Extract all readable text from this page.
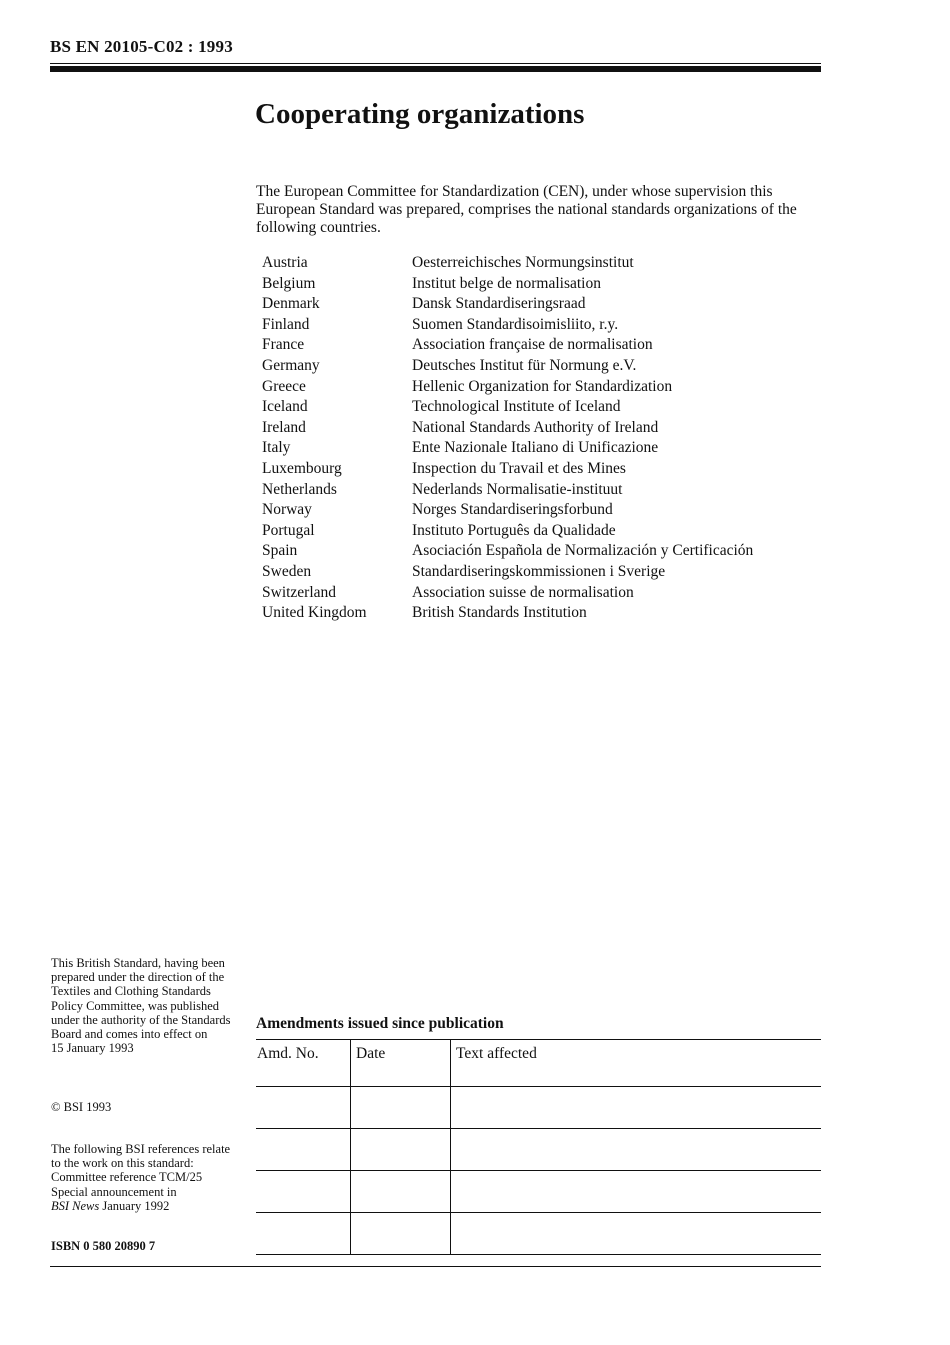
BS EN 20105-C02 : 1993
Cooperating organizations
The European Committee for Standardization (CEN), under whose supervision this European Standard was prepared, comprises the national standards organizations of the following countries.
Austria	Oesterreichisches Normungsinstitut
Belgium	Institut belge de normalisation
Denmark	Dansk Standardiseringsraad
Finland	Suomen Standardisoimisliito, r.y.
France	Association française de normalisation
Germany	Deutsches Institut für Normung e.V.
Greece	Hellenic Organization for Standardization
Iceland	Technological Institute of Iceland
Ireland	National Standards Authority of Ireland
Italy	Ente Nazionale Italiano di Unificazione
Luxembourg	Inspection du Travail et des Mines
Netherlands	Nederlands Normalisatie-instituut
Norway	Norges Standardiseringsforbund
Portugal	Instituto Português da Qualidade
Spain	Asociación Española de Normalización y Certificación
Sweden	Standardiseringskommissionen i Sverige
Switzerland	Association suisse de normalisation
United Kingdom	British Standards Institution
This British Standard, having been prepared under the direction of the Textiles and Clothing Standards Policy Committee, was published under the authority of the Standards Board and comes into effect on
15 January 1993
© BSI 1993
The following BSI references relate to the work on this standard:
Committee reference TCM/25
Special announcement in
BSI News January 1992
ISBN 0 580 20890 7
Amendments issued since publication
Amd. No.	Date	Text affected
